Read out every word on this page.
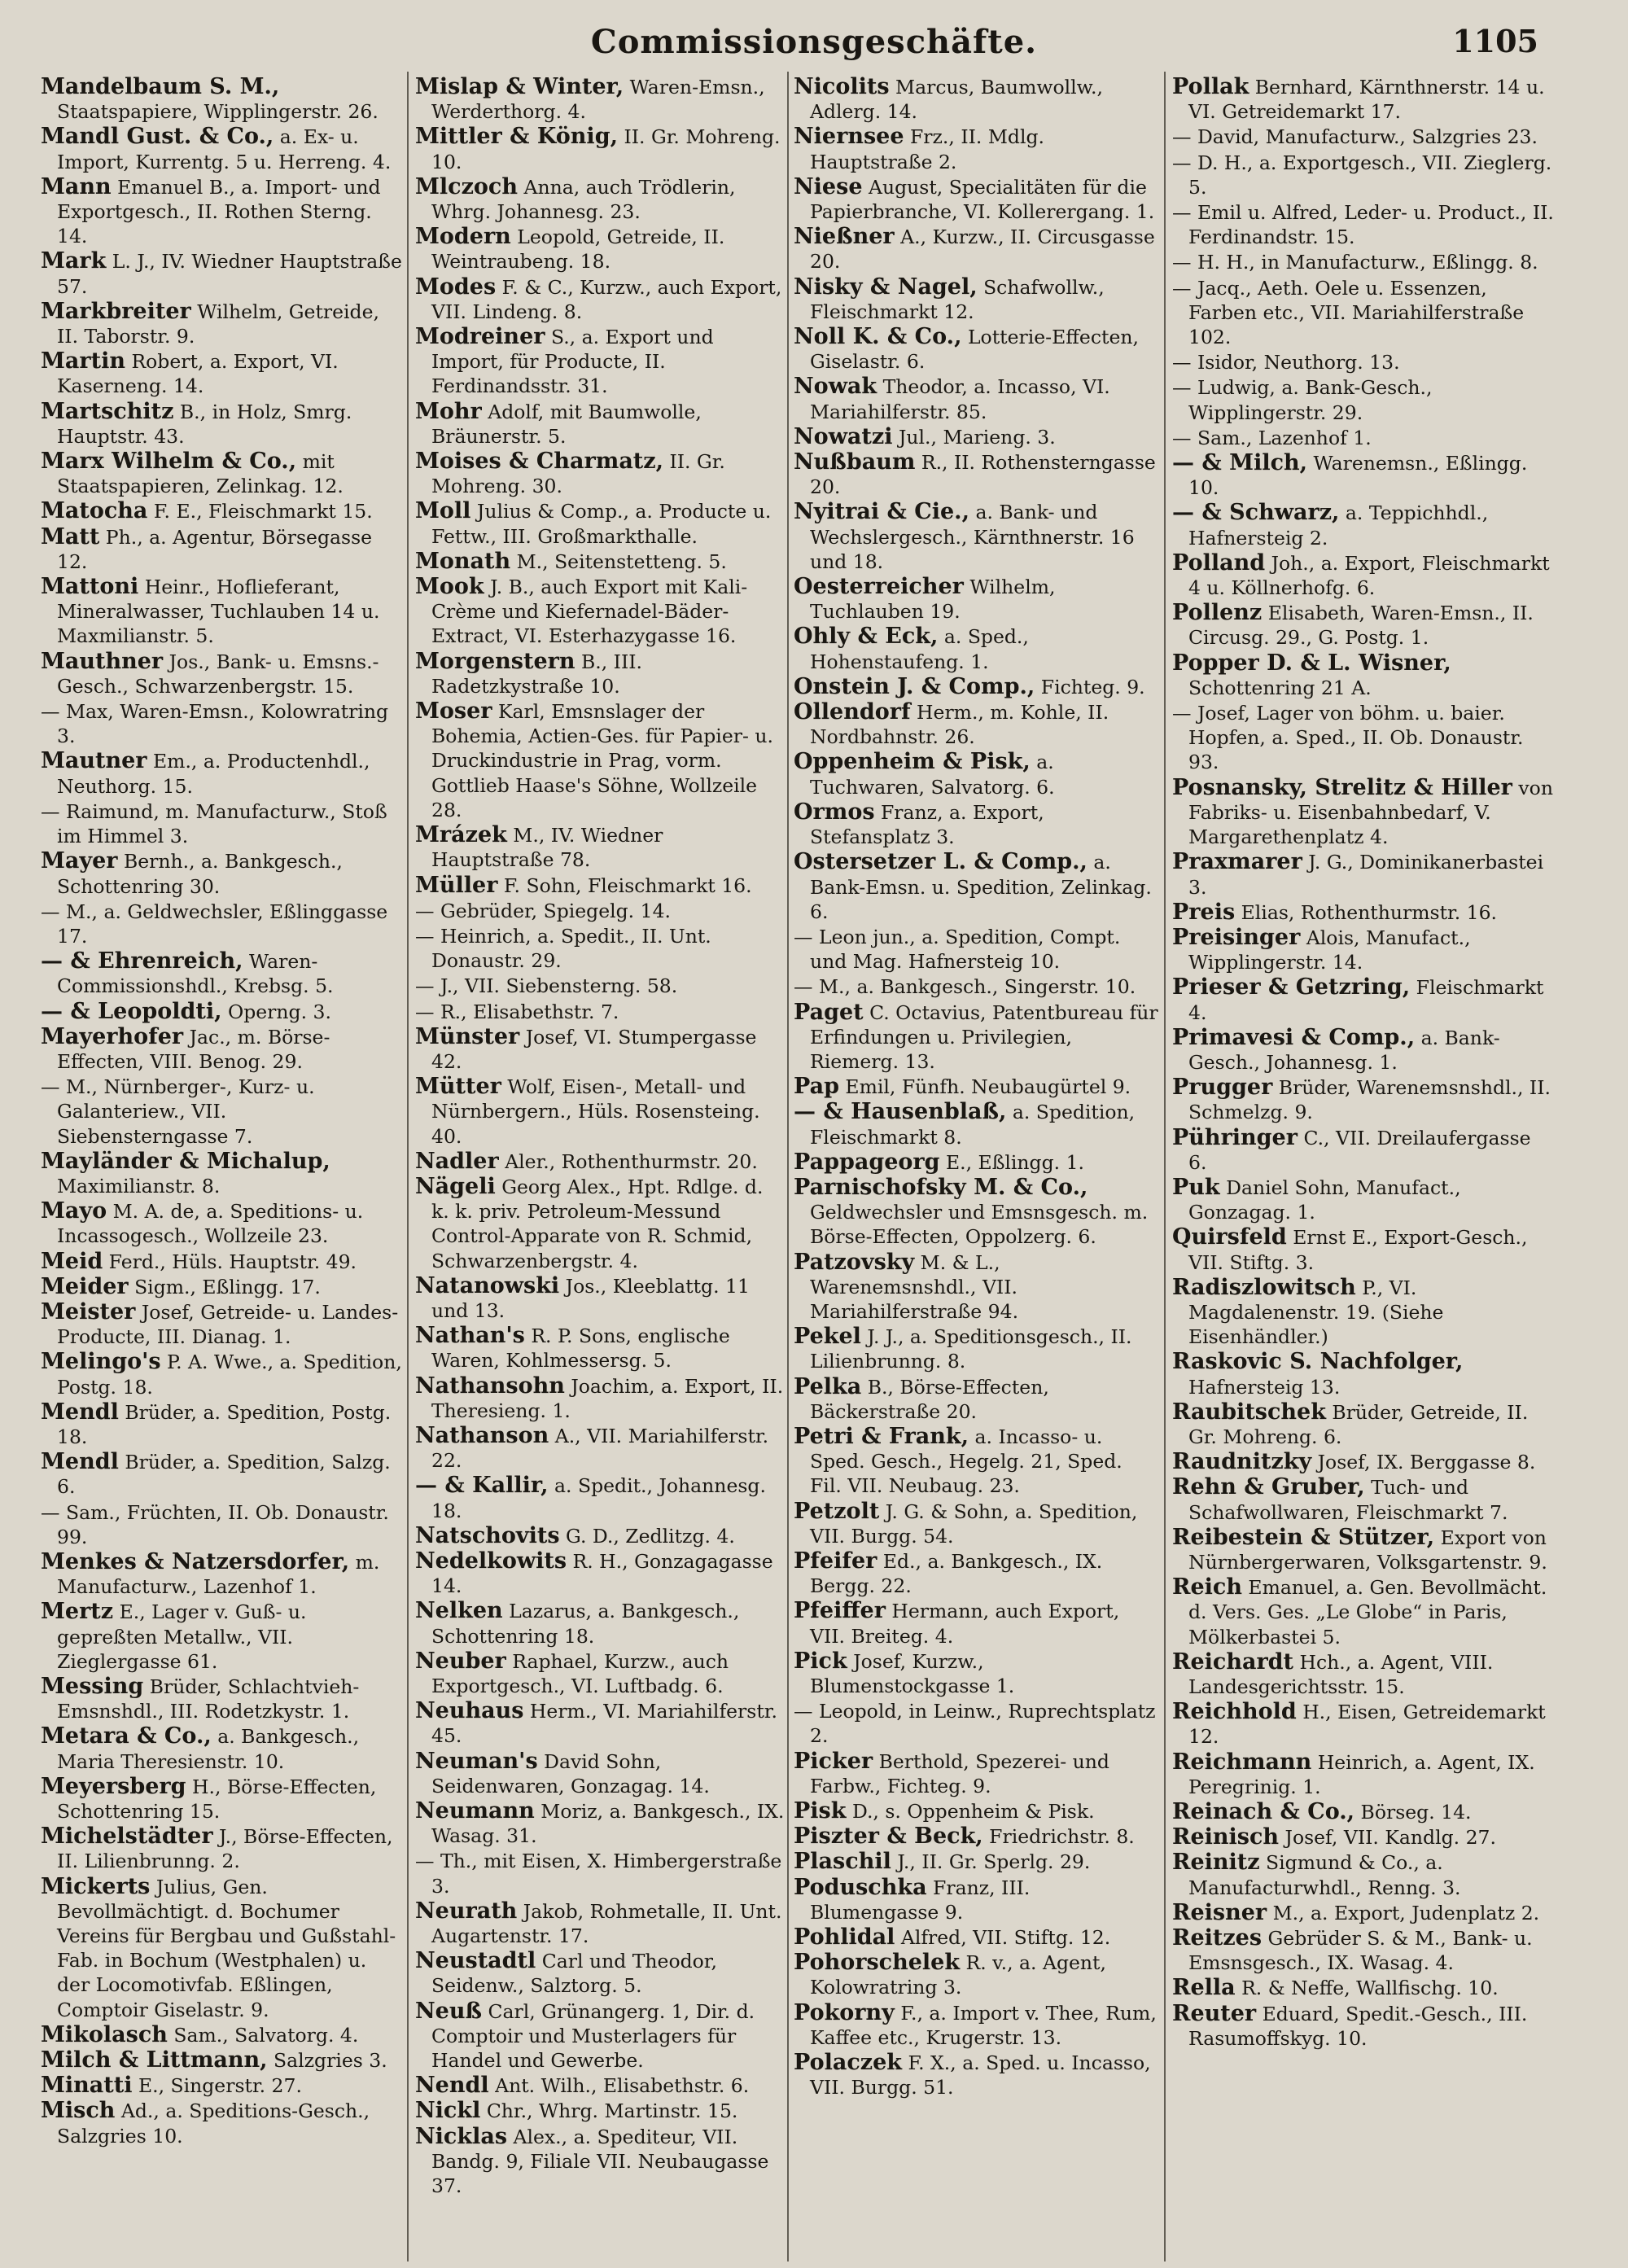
Commissionsgeschäfte.	1105
Mandelbaum S. M., Staatspapiere, Wipplingerstr. 26.
Mandl Gust. & Co., a. Ex- u. Import, Kurrentg. 5 u. Herreng. 4.
Mann Emanuel B., a. Import- und Exportgesch., II. Rothen Sterng. 14.
Mark L. J., IV. Wiedner Hauptstraße 57.
Markbreiter Wilhelm, Getreide, II. Taborstr. 9.
Martin Robert, a. Export, VI. Kaserneng. 14.
Martschitz B., in Holz, Smrg. Hauptstr. 43.
Marx Wilhelm & Co., mit Staatspapieren, Zelinkag. 12.
Matocha F. E., Fleischmarkt 15.
Matt Ph., a. Agentur, Börsegasse 12.
Mattoni Heinr., Hoflieferant, Mineralwasser, Tuchlauben 14 u. Maxmilianstr. 5.
Mauthner Jos., Bank- u. Emsns.-Gesch., Schwarzenbergstr. 15.
— Max, Waren-Emsn., Kolowratring 3.
Mautner Em., a. Productenhdl., Neuthorg. 15.
— Raimund, m. Manufacturw., Stoß im Himmel 3.
Mayer Bernh., a. Bankgesch., Schottenring 30.
— M., a. Geldwechsler, Eßlinggasse 17.
— & Ehrenreich, Waren-Commissionshdl., Krebsg. 5.
— & Leopoldti, Operng. 3.
Mayerhofer Jac., m. Börse-Effecten, VIII. Benog. 29.
— M., Nürnberger-, Kurz- u. Galanteriew., VII. Siebensterngasse 7.
Mayländer & Michalup, Maximilianstr. 8.
Mayo M. A. de, a. Speditions- u. Incassogesch., Wollzeile 23.
Meid Ferd., Hüls. Hauptstr. 49.
Meider Sigm., Eßlingg. 17.
Meister Josef, Getreide- u. Landes-Producte, III. Dianag. 1.
Melingo's P. A. Wwe., a. Spedition, Postg. 18.
Mendl Brüder, a. Spedition, Postg. 18.
Mendl Brüder, a. Spedition, Salzg. 6.
— Sam., Früchten, II. Ob. Donaustr. 99.
Menkes & Natzersdorfer, m. Manufacturw., Lazenhof 1.
Mertz E., Lager v. Guß- u. gepreßten Metallw., VII. Zieglergasse 61.
Messing Brüder, Schlachtvieh-Emsnshdl., III. Rodetzkystr. 1.
Metara & Co., a. Bankgesch., Maria Theresienstr. 10.
Meyersberg H., Börse-Effecten, Schottenring 15.
Michelstädter J., Börse-Effecten, II. Lilienbrunng. 2.
Mickerts Julius, Gen. Bevollmächtigt. d. Bochumer Vereins für Bergbau und Gußstahl-Fab. in Bochum (Westphalen) u. der Locomotivfab. Eßlingen, Comptoir Giselastr. 9.
Mikolasch Sam., Salvatorg. 4.
Milch & Littmann, Salzgries 3.
Minatti E., Singerstr. 27.
Misch Ad., a. Speditions-Gesch., Salzgries 10.
Mislap & Winter, Waren-Emsn., Werderthorg. 4.
Mittler & König, II. Gr. Mohreng. 10.
Mlczoch Anna, auch Trödlerin, Whrg. Johannesg. 23.
Modern Leopold, Getreide, II. Weintraubeng. 18.
Modes F. & C., Kurzw., auch Export, VII. Lindeng. 8.
Modreiner S., a. Export und Import, für Producte, II. Ferdinandsstr. 31.
Mohr Adolf, mit Baumwolle, Bräunerstr. 5.
Moises & Charmatz, II. Gr. Mohreng. 30.
Moll Julius & Comp., a. Producte u. Fettw., III. Großmarkthalle.
Monath M., Seitenstetteng. 5.
Mook J. B., auch Export mit Kali-Crème und Kiefernadel-Bäder-Extract, VI. Esterhazygasse 16.
Morgenstern B., III. Radetzkystraße 10.
Moser Karl, Emsnslager der Bohemia, Actien-Ges. für Papier- u. Druckindustrie in Prag, vorm. Gottlieb Haase's Söhne, Wollzeile 28.
Mrázek M., IV. Wiedner Hauptstraße 78.
Müller F. Sohn, Fleischmarkt 16.
— Gebrüder, Spiegelg. 14.
— Heinrich, a. Spedit., II. Unt. Donaustr. 29.
— J., VII. Siebensterng. 58.
— R., Elisabethstr. 7.
Münster Josef, VI. Stumpergasse 42.
Mütter Wolf, Eisen-, Metall- und Nürnbergern., Hüls. Rosensteing. 40.
Nadler Aler., Rothenthurmstr. 20.
Nägeli Georg Alex., Hpt. Rdlge. d. k. k. priv. Petroleum-Messund Control-Apparate von R. Schmid, Schwarzenbergstr. 4.
Natanowski Jos., Kleeblattg. 11 und 13.
Nathan's R. P. Sons, englische Waren, Kohlmessersg. 5.
Nathansohn Joachim, a. Export, II. Theresieng. 1.
Nathanson A., VII. Mariahilferstr. 22.
— & Kallir, a. Spedit., Johannesg. 18.
Natschovits G. D., Zedlitzg. 4.
Nedelkowits R. H., Gonzagagasse 14.
Nelken Lazarus, a. Bankgesch., Schottenring 18.
Neuber Raphael, Kurzw., auch Exportgesch., VI. Luftbadg. 6.
Neuhaus Herm., VI. Mariahilferstr. 45.
Neuman's David Sohn, Seidenwaren, Gonzagag. 14.
Neumann Moriz, a. Bankgesch., IX. Wasag. 31.
— Th., mit Eisen, X. Himbergerstraße 3.
Neurath Jakob, Rohmetalle, II. Unt. Augartenstr. 17.
Neustadtl Carl und Theodor, Seidenw., Salztorg. 5.
Neuß Carl, Grünangerg. 1, Dir. d. Comptoir und Musterlagers für Handel und Gewerbe.
Nendl Ant. Wilh., Elisabethstr. 6.
Nickl Chr., Whrg. Martinstr. 15.
Nicklas Alex., a. Spediteur, VII. Bandg. 9, Filiale VII. Neubaugasse 37.
Nicolits Marcus, Baumwollw., Adlerg. 14.
Niernsee Frz., II. Mdlg. Hauptstraße 2.
Niese August, Specialitäten für die Papierbranche, VI. Kollerergang. 1.
Nießner A., Kurzw., II. Circusgasse 20.
Nisky & Nagel, Schafwollw., Fleischmarkt 12.
Noll K. & Co., Lotterie-Effecten, Giselastr. 6.
Nowak Theodor, a. Incasso, VI. Mariahilferstr. 85.
Nowatzi Jul., Marieng. 3.
Nußbaum R., II. Rothensterngasse 20.
Nyitrai & Cie., a. Bank- und Wechslergesch., Kärnthnerstr. 16 und 18.
Oesterreicher Wilhelm, Tuchlauben 19.
Ohly & Eck, a. Sped., Hohenstaufeng. 1.
Onstein J. & Comp., Fichteg. 9.
Ollendorf Herm., m. Kohle, II. Nordbahnstr. 26.
Oppenheim & Pisk, a. Tuchwaren, Salvatorg. 6.
Ormos Franz, a. Export, Stefansplatz 3.
Ostersetzer L. & Comp., a. Bank-Emsn. u. Spedition, Zelinkag. 6.
— Leon jun., a. Spedition, Compt. und Mag. Hafnersteig 10.
— M., a. Bankgesch., Singerstr. 10.
Paget C. Octavius, Patentbureau für Erfindungen u. Privilegien, Riemerg. 13.
Pap Emil, Fünfh. Neubaugürtel 9.
— & Hausenblaß, a. Spedition, Fleischmarkt 8.
Pappageorg E., Eßlingg. 1.
Parnischofsky M. & Co., Geldwechsler und Emsnsgesch. m. Börse-Effecten, Oppolzerg. 6.
Patzovsky M. & L., Warenemsnshdl., VII. Mariahilferstraße 94.
Pekel J. J., a. Speditionsgesch., II. Lilienbrunng. 8.
Pelka B., Börse-Effecten, Bäckerstraße 20.
Petri & Frank, a. Incasso- u. Sped. Gesch., Hegelg. 21, Sped. Fil. VII. Neubaug. 23.
Petzolt J. G. & Sohn, a. Spedition, VII. Burgg. 54.
Pfeifer Ed., a. Bankgesch., IX. Bergg. 22.
Pfeiffer Hermann, auch Export, VII. Breiteg. 4.
Pick Josef, Kurzw., Blumenstockgasse 1.
— Leopold, in Leinw., Ruprechtsplatz 2.
Picker Berthold, Spezerei- und Farbw., Fichteg. 9.
Pisk D., s. Oppenheim & Pisk.
Piszter & Beck, Friedrichstr. 8.
Plaschil J., II. Gr. Sperlg. 29.
Poduschka Franz, III. Blumengasse 9.
Pohlidal Alfred, VII. Stiftg. 12.
Pohorschelek R. v., a. Agent, Kolowratring 3.
Pokorny F., a. Import v. Thee, Rum, Kaffee etc., Krugerstr. 13.
Polaczek F. X., a. Sped. u. Incasso, VII. Burgg. 51.
Pollak Bernhard, Kärnthnerstr. 14 u. VI. Getreidemarkt 17.
— David, Manufacturw., Salzgries 23.
— D. H., a. Exportgesch., VII. Zieglerg. 5.
— Emil u. Alfred, Leder- u. Product., II. Ferdinandstr. 15.
— H. H., in Manufacturw., Eßlingg. 8.
— Jacq., Aeth. Oele u. Essenzen, Farben etc., VII. Mariahilferstraße 102.
— Isidor, Neuthorg. 13.
— Ludwig, a. Bank-Gesch., Wipplingerstr. 29.
— Sam., Lazenhof 1.
— & Milch, Warenemsn., Eßlingg. 10.
— & Schwarz, a. Teppichhdl., Hafnersteig 2.
Polland Joh., a. Export, Fleischmarkt 4 u. Köllnerhofg. 6.
Pollenz Elisabeth, Waren-Emsn., II. Circusg. 29., G. Postg. 1.
Popper D. & L. Wisner, Schottenring 21 A.
— Josef, Lager von böhm. u. baier. Hopfen, a. Sped., II. Ob. Donaustr. 93.
Posnansky, Strelitz & Hiller von Fabriks- u. Eisenbahnbedarf, V. Margarethenplatz 4.
Praxmarer J. G., Dominikanerbastei 3.
Preis Elias, Rothenthurmstr. 16.
Preisinger Alois, Manufact., Wipplingerstr. 14.
Prieser & Getzring, Fleischmarkt 4.
Primavesi & Comp., a. Bank-Gesch., Johannesg. 1.
Prugger Brüder, Warenemsnshdl., II. Schmelzg. 9.
Pühringer C., VII. Dreilaufergasse 6.
Puk Daniel Sohn, Manufact., Gonzagag. 1.
Quirsfeld Ernst E., Export-Gesch., VII. Stiftg. 3.
Radiszlowitsch P., VI. Magdalenenstr. 19. (Siehe Eisenhändler.)
Raskovic S. Nachfolger, Hafnersteig 13.
Raubitschek Brüder, Getreide, II. Gr. Mohreng. 6.
Raudnitzky Josef, IX. Berggasse 8.
Rehn & Gruber, Tuch- und Schafwollwaren, Fleischmarkt 7.
Reibestein & Stützer, Export von Nürnbergerwaren, Volksgartenstr. 9.
Reich Emanuel, a. Gen. Bevollmächt. d. Vers. Ges. „Le Globe“ in Paris, Mölkerbastei 5.
Reichardt Hch., a. Agent, VIII. Landesgerichtsstr. 15.
Reichhold H., Eisen, Getreidemarkt 12.
Reichmann Heinrich, a. Agent, IX. Peregrinig. 1.
Reinach & Co., Börseg. 14.
Reinisch Josef, VII. Kandlg. 27.
Reinitz Sigmund & Co., a. Manufacturwhdl., Renng. 3.
Reisner M., a. Export, Judenplatz 2.
Reitzes Gebrüder S. & M., Bank- u. Emsnsgesch., IX. Wasag. 4.
Rella R. & Neffe, Wallfischg. 10.
Reuter Eduard, Spedit.-Gesch., III. Rasumoffskyg. 10.
